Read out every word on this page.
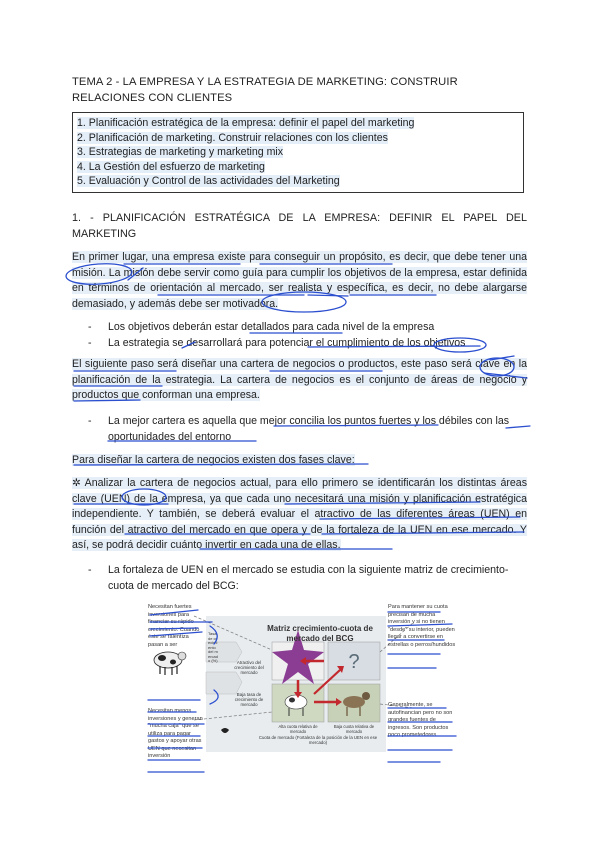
TEMA 2 - LA EMPRESA Y LA ESTRATEGIA DE MARKETING: CONSTRUIR RELACIONES CON CLIENTES
1. Planificación estratégica de la empresa: definir el papel del marketing
2. Planificación de marketing. Construir relaciones con los clientes
3. Estrategias de marketing y marketing mix
4. La Gestión del esfuerzo de marketing
5. Evaluación y Control de las actividades del Marketing
1. - PLANIFICACIÓN ESTRATÉGICA DE LA EMPRESA: DEFINIR EL PAPEL DEL MARKETING
En primer lugar, una empresa existe para conseguir un propósito, es decir, que debe tener una misión. La misión debe servir como guía para cumplir los objetivos de la empresa, estar definida en términos de orientación al mercado, ser realista y específica, es decir, no debe alargarse demasiado, y además debe ser motivadora.
- Los objetivos deberán estar detallados para cada nivel de la empresa
- La estrategia se desarrollará para potenciar el cumplimiento de los objetivos
El siguiente paso será diseñar una cartera de negocios o productos, este paso será clave en la planificación de la estrategia. La cartera de negocios es el conjunto de áreas de negocio y productos que conforman una empresa.
- La mejor cartera es aquella que mejor concilia los puntos fuertes y los débiles con las oportunidades del entorno
Para diseñar la cartera de negocios existen dos fases clave:
✲ Analizar la cartera de negocios actual, para ello primero se identificarán los distintas áreas clave (UEN) de la empresa, ya que cada uno necesitará una misión y planificación estratégica independiente. Y también, se deberá evaluar el atractivo de las diferentes áreas (UEN) en función del atractivo del mercado en que opera y de la fortaleza de la UEN en ese mercado. Y así, se podrá decidir cuánto invertir en cada una de ellas.
- La fortaleza de UEN en el mercado se estudia con la siguiente matriz de crecimiento-cuota de mercado del BCG:
?
Matriz crecimiento-cuota de mercado del BCG
Tasa de crecimiento del mercado (%)	Atractivo del crecimiento del mercado
Baja tasa de crecimiento de mercado
Alta cuota relativa de mercado
Baja cuota relativa de mercado
Cuota de mercado (Fortaleza de la posición de la UEN en ese mercado)
Necesitan fuertes inversiones para financiar su rápido crecimiento. Cuando éste se ralentiza pasan a ser
Necesitan menos inversiones y generan "mucha caja" que se utiliza para pagar gastos y apoyar otras UEN que necesitan inversión
Para mantener su cuota precisan de mucha inversión y si no tienen "desde" su interior, pueden llegar a convertirse en estrellas o perros/hundidos
Generalmente, se autofinancian pero no son grandes fuentes de ingresos. Son productos poco prometedores
